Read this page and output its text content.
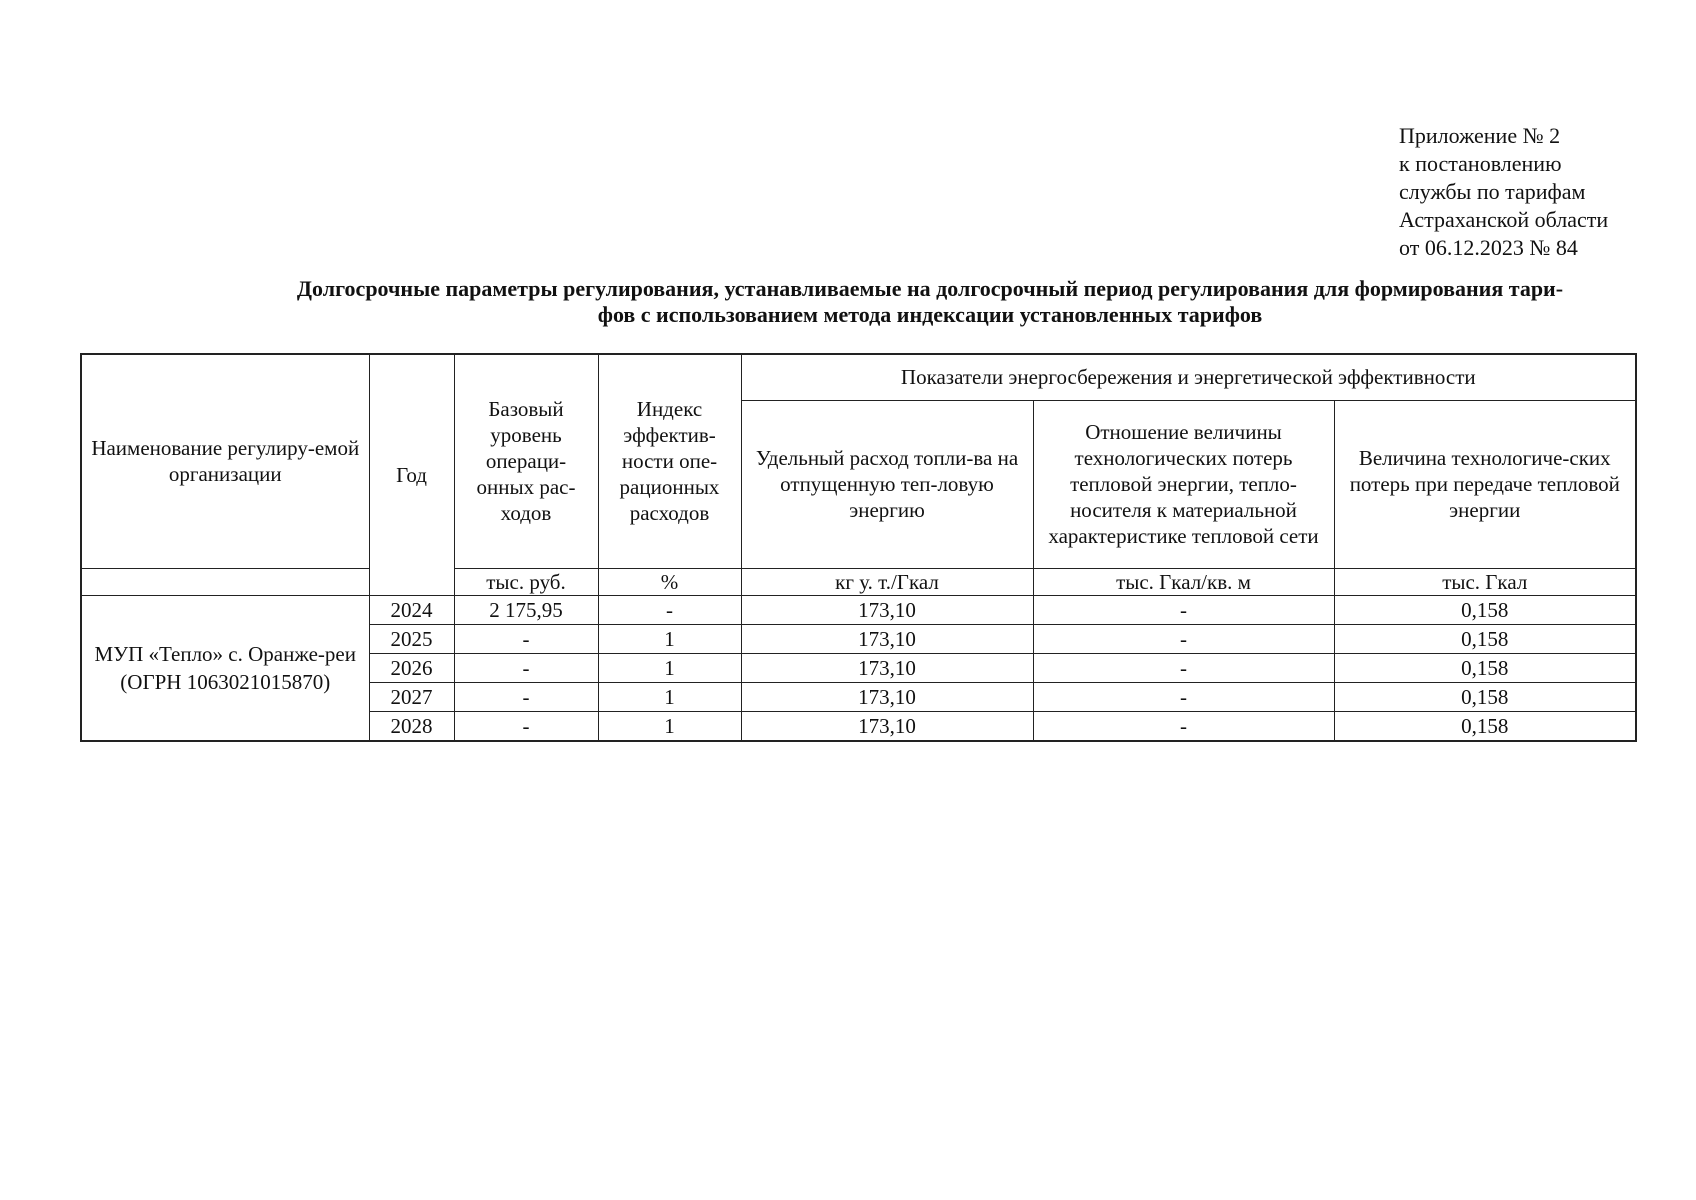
Приложение № 2
к постановлению
службы по тарифам
Астраханской области
от 06.12.2023 № 84
Долгосрочные параметры регулирования, устанавливаемые на долгосрочный период регулирования для формирования тари-
фов с использованием метода индексации установленных тарифов
Наименование регулиру-емой организации	Год	Базовый уровень операци-онных рас-ходов	Индекс эффектив-ности опе-рационных расходов	Показатели энергосбережения и энергетической эффективности		
				Удельный расход топли-ва на отпущенную теп-ловую энергию	Отношение величины технологических потерь тепловой энергии, тепло-носителя к материальной характеристике тепловой сети	Величина технологиче-ских потерь при передаче тепловой энергии
		тыс. руб.	%	кг у. т./Гкал	тыс. Гкал/кв. м	тыс. Гкал
МУП «Тепло» с. Оранже-реи (ОГРН 1063021015870)	2024	2 175,95	-	173,10	-	0,158
	2025	-	1	173,10	-	0,158
	2026	-	1	173,10	-	0,158
	2027	-	1	173,10	-	0,158
	2028	-	1	173,10	-	0,158
